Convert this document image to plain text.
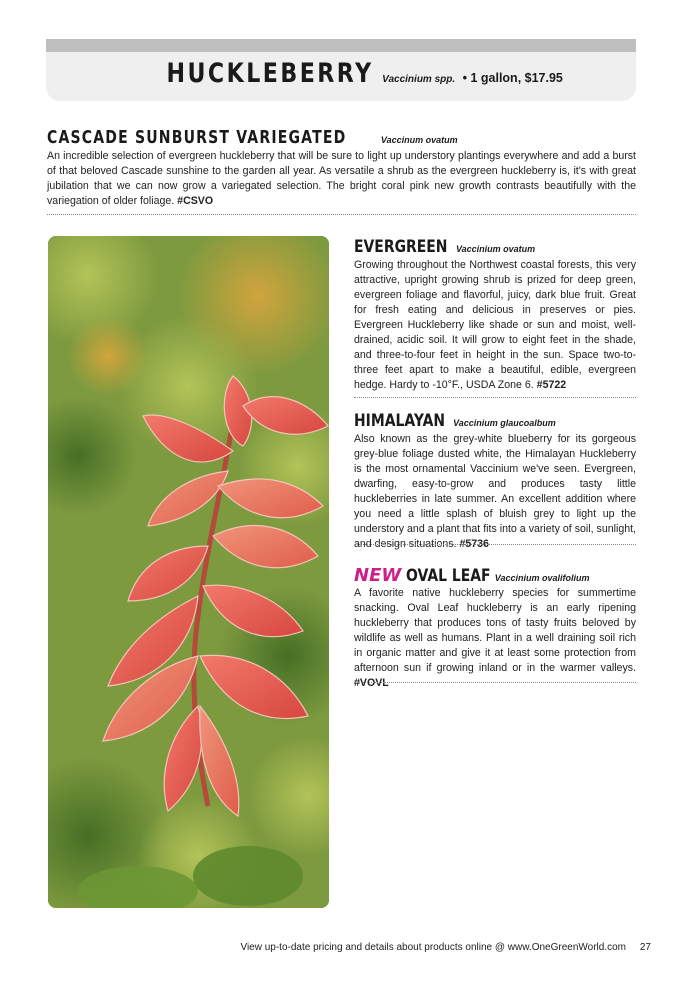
HUCKLEBERRY Vaccinium spp. • 1 gallon, $17.95
CASCADE SUNBURST VARIEGATED	Vaccinum ovatum

An incredible selection of evergreen huckleberry that will be sure to light up understory plantings everywhere and add a burst of that beloved Cascade sunshine to the garden all year. As versatile a shrub as the evergreen huckleberry is, it's with great jubilation that we can now grow a variegated selection. The bright coral pink new growth contrasts beautifully with the variegation of older foliage. #CSVO

EVERGREEN Vaccinium ovatum

Growing throughout the Northwest coastal forests, this very attractive, upright growing shrub is prized for deep green, evergreen foliage and flavorful, juicy, dark blue fruit. Great for fresh eating and delicious in preserves or pies. Evergreen Huckleberry like shade or sun and moist, well-drained, acidic soil. It will grow to eight feet in the shade, and three-to-four feet in height in the sun. Space two-to-three feet apart to make a beautiful, edible, evergreen hedge. Hardy to -10°F., USDA Zone 6. #5722

HIMALAYAN Vaccinium glaucoalbum

Also known as the grey-white blueberry for its gorgeous grey-blue foliage dusted white, the Himalayan Huckleberry is the most ornamental Vaccinium we've seen. Evergreen, dwarfing, easy-to-grow and produces tasty little huckleberries in late summer. An excellent addition where you need a little splash of bluish grey to light up the understory and a plant that fits into a variety of soil, sunlight, and design situations. #5736

NEW OVAL LEAF Vaccinium ovalifolium

A favorite native huckleberry species for summertime snacking. Oval Leaf huckleberry is an early ripening huckleberry that produces tons of tasty fruits beloved by wildlife as well as humans. Plant in a well draining soil rich in organic matter and give it at least some protection from afternoon sun if growing inland or in the warmer valleys. #VOVL

View up-to-date pricing and details about products online @ www.OneGreenWorld.com 27
